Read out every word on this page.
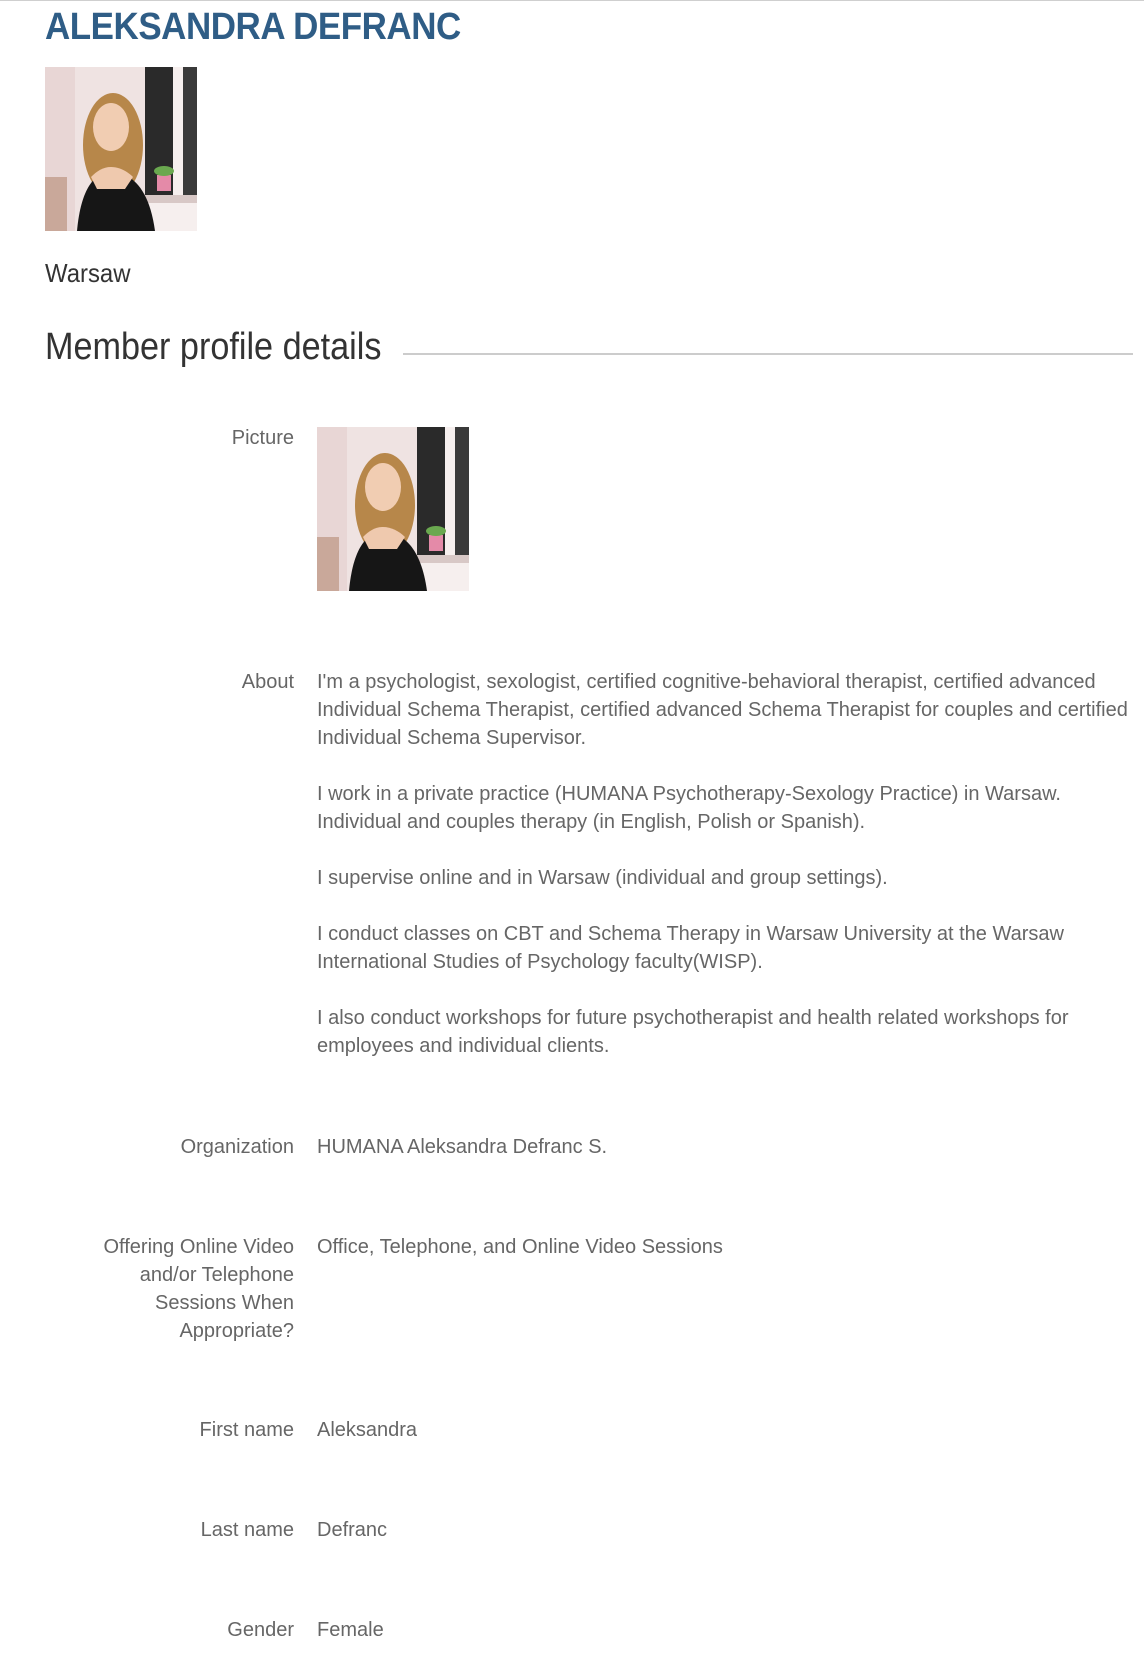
ALEKSANDRA DEFRANC
Warsaw
Member profile details
Picture
About I'm a psychologist, sexologist, certified cognitive-behavioral therapist, certified advanced Individual Schema Therapist, certified advanced Schema Therapist for couples and certified Individual Schema Supervisor.

I work in a private practice (HUMANA Psychotherapy-Sexology Practice) in Warsaw. Individual and couples therapy (in English, Polish or Spanish).

I supervise online and in Warsaw (individual and group settings).

I conduct classes on CBT and Schema Therapy in Warsaw University at the Warsaw International Studies of Psychology faculty(WISP).

I also conduct workshops for future psychotherapist and health related workshops for employees and individual clients.

Organization HUMANA Aleksandra Defranc S.
Offering Online Video and/or Telephone Sessions When Appropriate?
Office, Telephone, and Online Video Sessions
First name Aleksandra
Last name Defranc
Gender Female
